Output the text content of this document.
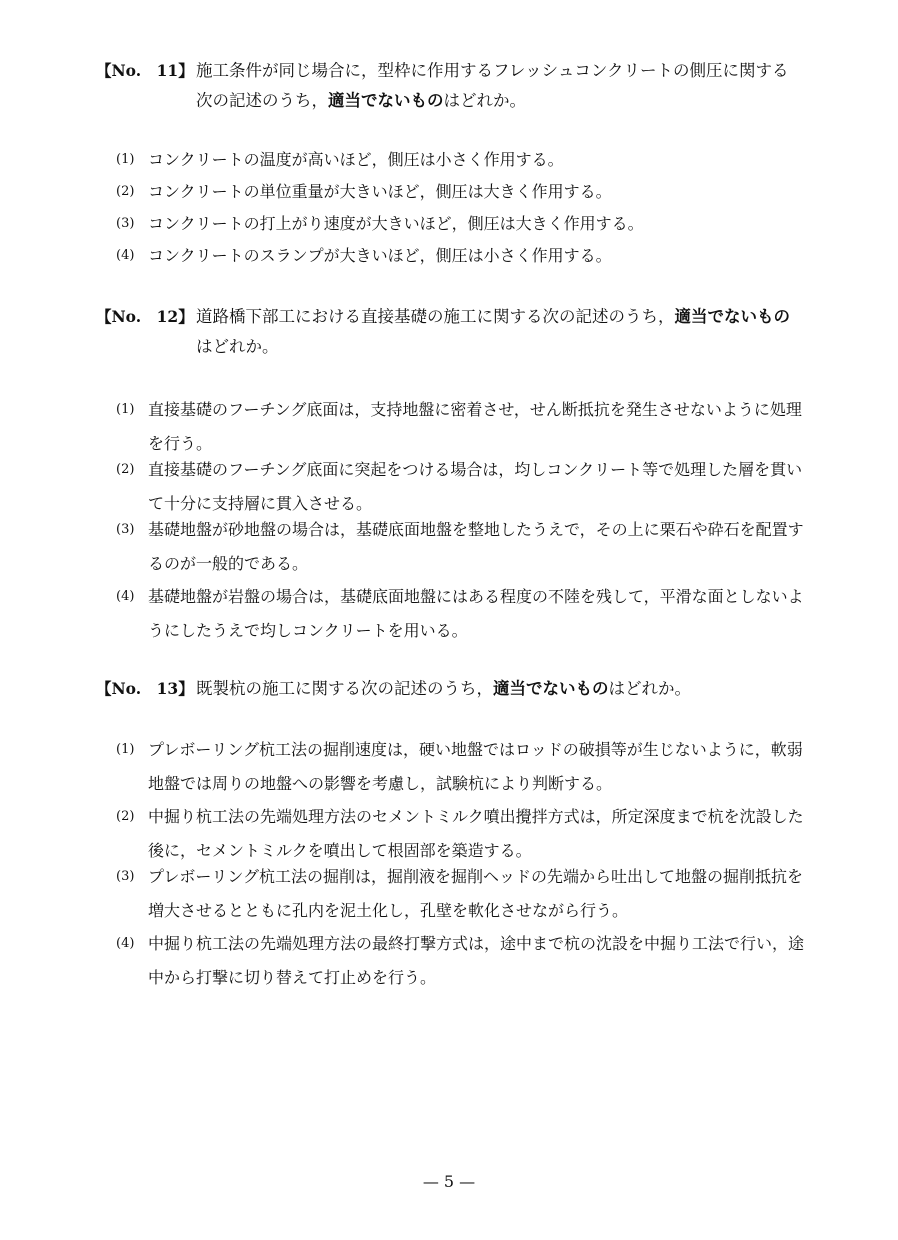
【No.　11】 施工条件が同じ場合に，型枠に作用するフレッシュコンクリートの側圧に関する次の記述のうち，適当でないものはどれか。
(1) コンクリートの温度が高いほど，側圧は小さく作用する。
(2) コンクリートの単位重量が大きいほど，側圧は大きく作用する。
(3) コンクリートの打上がり速度が大きいほど，側圧は大きく作用する。
(4) コンクリートのスランプが大きいほど，側圧は小さく作用する。
【No.　12】 道路橋下部工における直接基礎の施工に関する次の記述のうち，適当でないものはどれか。
(1) 直接基礎のフーチング底面は，支持地盤に密着させ，せん断抵抗を発生させないように処理を行う。
(2) 直接基礎のフーチング底面に突起をつける場合は，均しコンクリート等で処理した層を貫いて十分に支持層に貫入させる。
(3) 基礎地盤が砂地盤の場合は，基礎底面地盤を整地したうえで，その上に栗石や砕石を配置するのが一般的である。
(4) 基礎地盤が岩盤の場合は，基礎底面地盤にはある程度の不陸を残して，平滑な面としないようにしたうえで均しコンクリートを用いる。
【No.　13】 既製杭の施工に関する次の記述のうち，適当でないものはどれか。
(1) プレボーリング杭工法の掘削速度は，硬い地盤ではロッドの破損等が生じないように，軟弱地盤では周りの地盤への影響を考慮し，試験杭により判断する。
(2) 中掘り杭工法の先端処理方法のセメントミルク噴出攪拌方式は，所定深度まで杭を沈設した後に，セメントミルクを噴出して根固部を築造する。
(3) プレボーリング杭工法の掘削は，掘削液を掘削ヘッドの先端から吐出して地盤の掘削抵抗を増大させるとともに孔内を泥土化し，孔壁を軟化させながら行う。
(4) 中掘り杭工法の先端処理方法の最終打撃方式は，途中まで杭の沈設を中掘り工法で行い，途中から打撃に切り替えて打止めを行う。
— 5 —
